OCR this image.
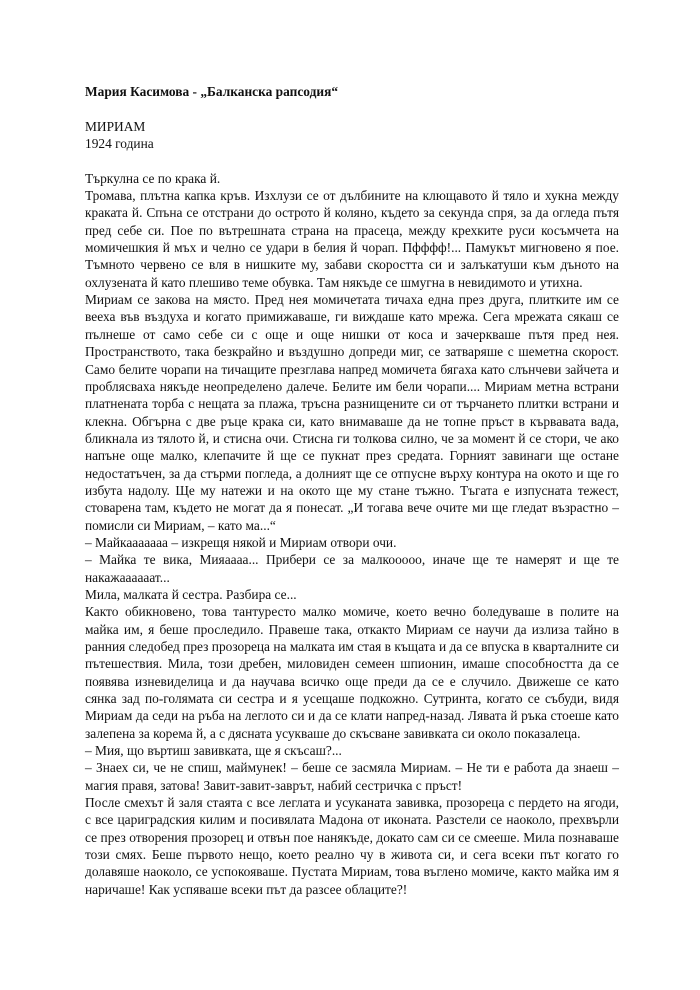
Мария Касимова - „Балканска рапсодия“

МИРИАМ

1924 година

Търкулна се по крака й.

Тромава, плътна капка кръв. Изхлузи се от дълбините на клющавото й тяло и хукна между краката й. Спъна се отстрани до острото й колянo, където за секунда спря, за да огледа пътя пред себе си. Пое по вътрешната страна на прасеца, между крехките руси косъмчета на момичешкия й мъх и челно се удари в белия й чорап. Пфффф!... Памукът мигновено я пое. Тъмното червено се вля в нишките му, забави скоростта си и залъкатуши към дъното на охлузената й като плешиво теме обувка. Там някъде се шмугна в невидимото и утихна.

Мириам се закова на място. Пред нея момичетата тичаха една през друга, плитките им се вееха във въздуха и когато примижаваше, ги виждаше като мрежа. Сега мрежата сякаш се пълнеше от само себе си с още и още нишки от коса и зачеркваше пътя пред нея. Пространството, така безкрайно и въздушно допреди миг, се затваряше с шеметна скорост. Само белите чорапи на тичащите презглава напред момичета бягаха като слънчеви зайчета и проблясваха някъде неопределено далече. Белите им бели чорапи.... Мириам метна встрани платнената торба с нещата за плажа, тръсна разнищените си от търчането плитки встрани и клекна. Обгърна с две ръце крака си, като внимаваше да не топне пръст в кървавата вада, бликнала из тялото й, и стисна очи. Стисна ги толкова силно, че за момент й се стори, че ако напъне още малко, клепачите й ще се пукнат през средата. Горният завинаги ще остане недостатъчен, за да стърми погледа, а долният ще се отпусне върху контура на окото и ще го избута надолу. Ще му натежи и на окото ще му стане тъжно. Тъгата е изпусната тежест, стоварена там, където не могат да я понесат. „И тогава вече очите ми ще гледат възрастно – помисли си Мириам, – като ма...“

– Майкааааааа – изкрещя някой и Мириам отвори очи.

– Майка те вика, Мияаааа... Прибери се за малкоoooo, иначе ще те намерят и ще те накажаааааат...

Мила, малката й сестра. Разбира се...

Както обикновено, това тантуресто малко момиче, което вечно боледуваше в полите на майка им, я беше проследило. Правеше така, откакто Мириам се научи да излиза тайно в ранния следобед през прозореца на малката им стая в къщата и да се впуска в кварталните си пътешествия. Мила, този дребен, миловиден семеен шпионин, имаше способността да се появява изневиделица и да научава всичко още преди да се е случило. Движеше се като сянка зад по-голямата си сестра и я усещаше подкожно. Сутринта, когато се събуди, видя Мириам да седи на ръба на леглото си и да се клати напред-назад. Лявата й ръка стоеше като залепена за корема й, а с дясната усукваше до скъсване завивката си около показалеца.

– Мия, що въртиш завивката, ще я скъсаш?...

– Знаех си, че не спиш, маймунек! – беше се засмяла Мириам. – Не ти е работа да знаеш – магия правя, затова! Завит-завит-заврът, набий сестричка с пръст!

После смехът й заля стаята с все леглата и усуканата завивка, прозореца с пердето на ягоди, с все цариградския килим и посивялата Мадона от иконата. Разстели се наоколо, прехвърли се през отворения прозорец и отвън пое нанякъде, докато сам си се смееше. Мила познаваше този смях. Беше първото нещо, което реално чу в живота си, и сега всеки път когато го долавяше наоколо, се успокояваше. Пустата Мириам, това въглено момиче, както майка им я наричаше! Как успяваше всеки път да разсее облаците?!
